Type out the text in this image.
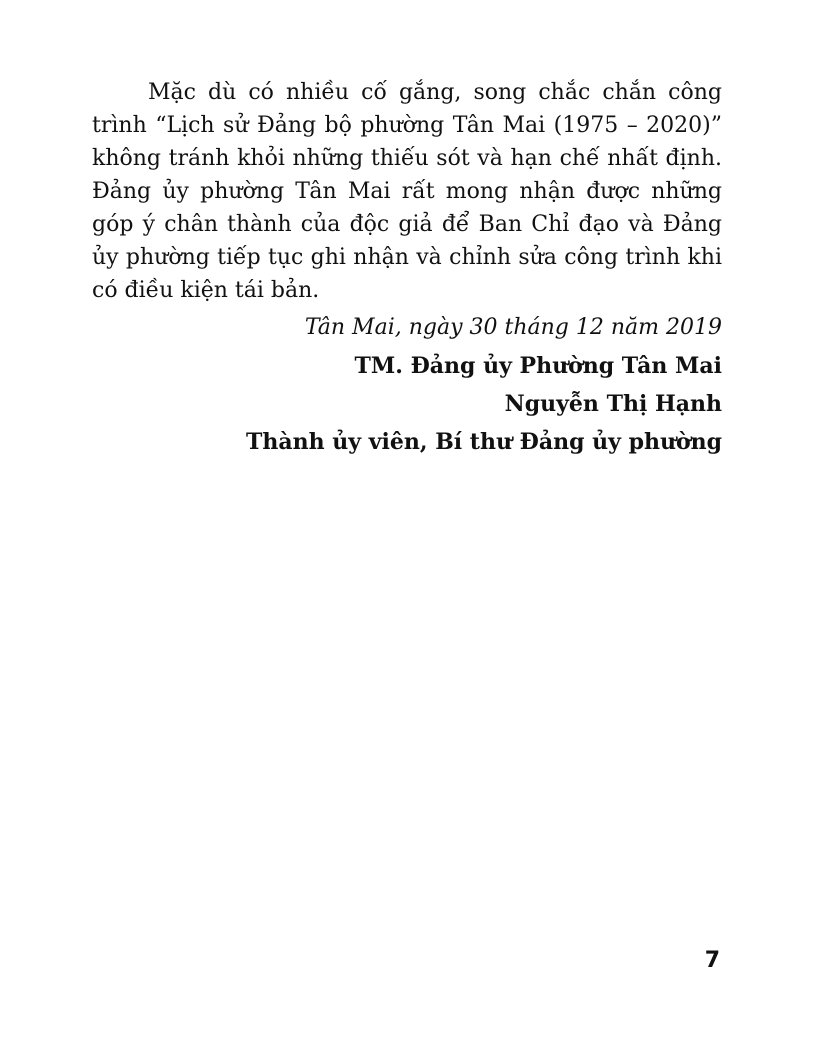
Mặc dù có nhiều cố gắng, song chắc chắn công trình “Lịch sử Đảng bộ phường Tân Mai (1975 – 2020)” không tránh khỏi những thiếu sót và hạn chế nhất định. Đảng ủy phường Tân Mai rất mong nhận được những góp ý chân thành của độc giả để Ban Chỉ đạo và Đảng ủy phường tiếp tục ghi nhận và chỉnh sửa công trình khi có điều kiện tái bản.

Tân Mai, ngày 30 tháng 12 năm 2019

TM. Đảng ủy Phường Tân Mai

Nguyễn Thị Hạnh

Thành ủy viên, Bí thư Đảng ủy phường

7
